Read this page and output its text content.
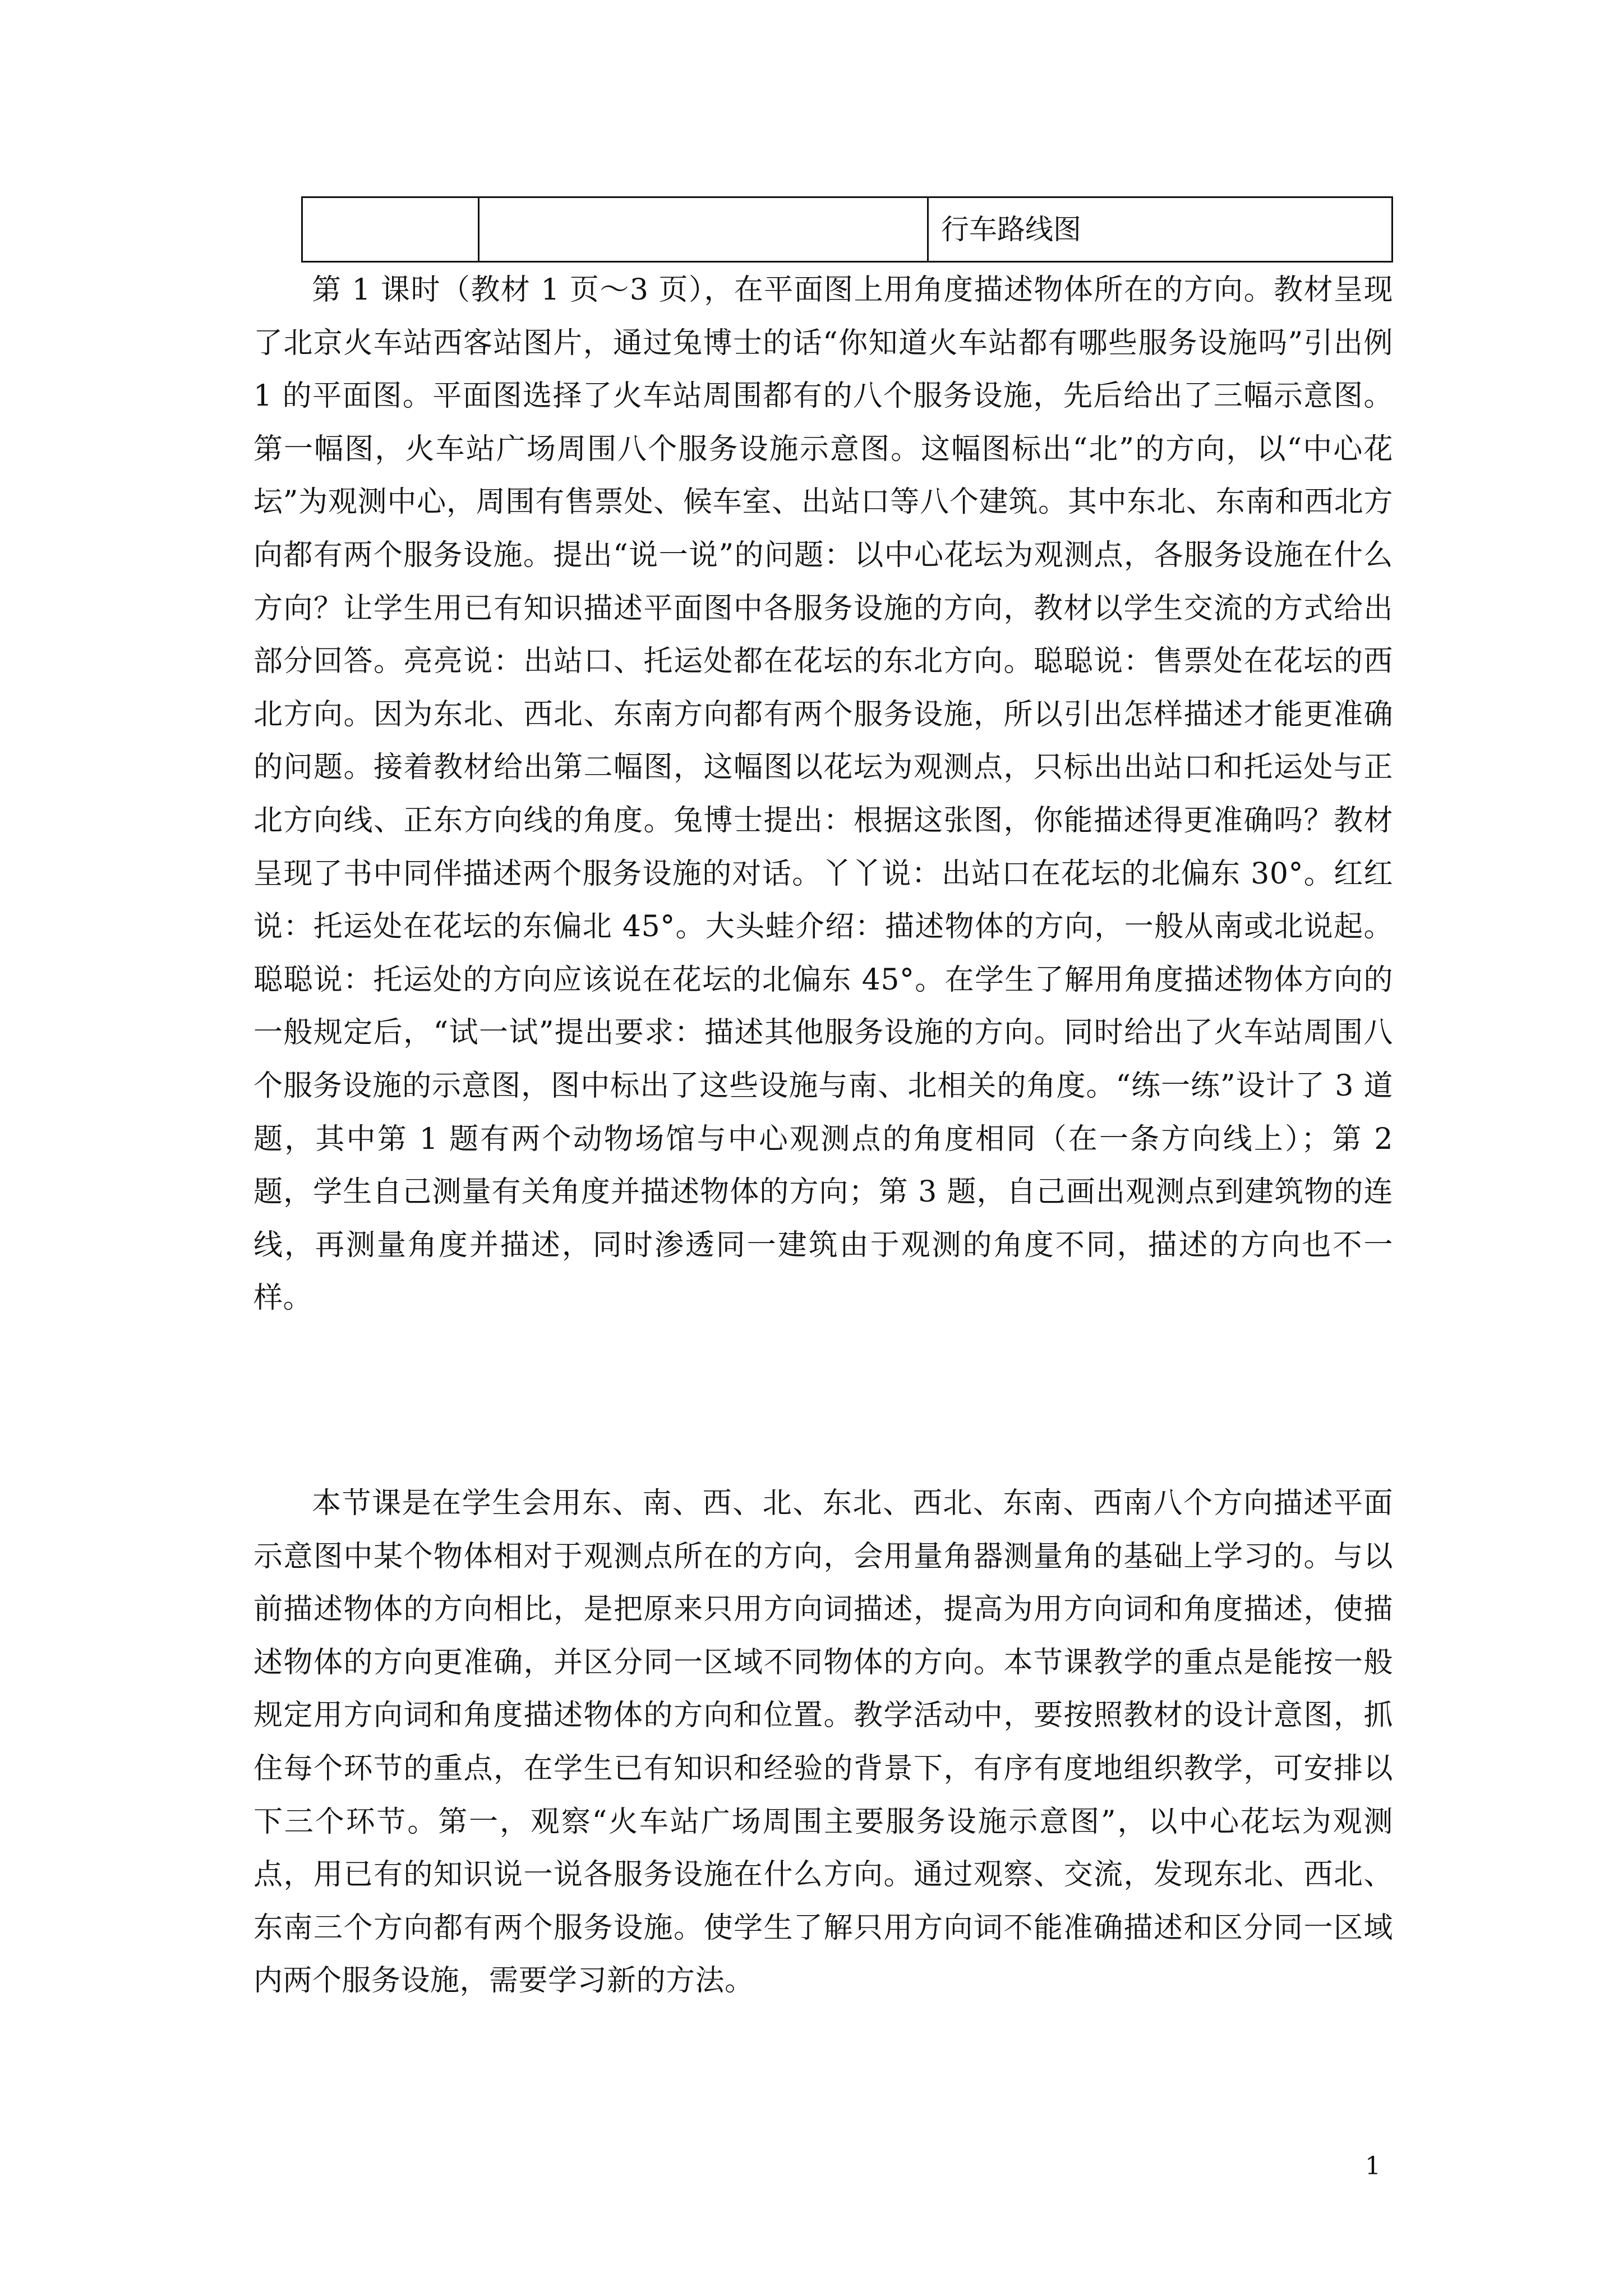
		行车路线图

第 1 课时（教材 1 页～3 页），在平面图上用角度描述物体所在的方向。教材呈现了北京火车站西客站图片，通过兔博士的话“你知道火车站都有哪些服务设施吗”引出例 1 的平面图。平面图选择了火车站周围都有的八个服务设施，先后给出了三幅示意图。第一幅图，火车站广场周围八个服务设施示意图。这幅图标出“北”的方向，以“中心花坛”为观测中心，周围有售票处、候车室、出站口等八个建筑。其中东北、东南和西北方向都有两个服务设施。提出“说一说”的问题：以中心花坛为观测点，各服务设施在什么方向？让学生用已有知识描述平面图中各服务设施的方向，教材以学生交流的方式给出部分回答。亮亮说：出站口、托运处都在花坛的东北方向。聪聪说：售票处在花坛的西北方向。因为东北、西北、东南方向都有两个服务设施，所以引出怎样描述才能更准确的问题。接着教材给出第二幅图，这幅图以花坛为观测点，只标出出站口和托运处与正北方向线、正东方向线的角度。兔博士提出：根据这张图，你能描述得更准确吗？教材呈现了书中同伴描述两个服务设施的对话。丫丫说：出站口在花坛的北偏东 30°。红红说：托运处在花坛的东偏北 45°。大头蛙介绍：描述物体的方向，一般从南或北说起。聪聪说：托运处的方向应该说在花坛的北偏东 45°。在学生了解用角度描述物体方向的一般规定后，“试一试”提出要求：描述其他服务设施的方向。同时给出了火车站周围八个服务设施的示意图，图中标出了这些设施与南、北相关的角度。“练一练”设计了 3 道题，其中第 1 题有两个动物场馆与中心观测点的角度相同（在一条方向线上）；第 2 题，学生自己测量有关角度并描述物体的方向；第 3 题，自己画出观测点到建筑物的连线，再测量角度并描述，同时渗透同一建筑由于观测的角度不同，描述的方向也不一样。

本节课是在学生会用东、南、西、北、东北、西北、东南、西南八个方向描述平面示意图中某个物体相对于观测点所在的方向，会用量角器测量角的基础上学习的。与以前描述物体的方向相比，是把原来只用方向词描述，提高为用方向词和角度描述，使描述物体的方向更准确，并区分同一区域不同物体的方向。本节课教学的重点是能按一般规定用方向词和角度描述物体的方向和位置。教学活动中，要按照教材的设计意图，抓住每个环节的重点，在学生已有知识和经验的背景下，有序有度地组织教学，可安排以下三个环节。第一，观察“火车站广场周围主要服务设施示意图”，以中心花坛为观测点，用已有的知识说一说各服务设施在什么方向。通过观察、交流，发现东北、西北、东南三个方向都有两个服务设施。使学生了解只用方向词不能准确描述和区分同一区域内两个服务设施，需要学习新的方法。

1
